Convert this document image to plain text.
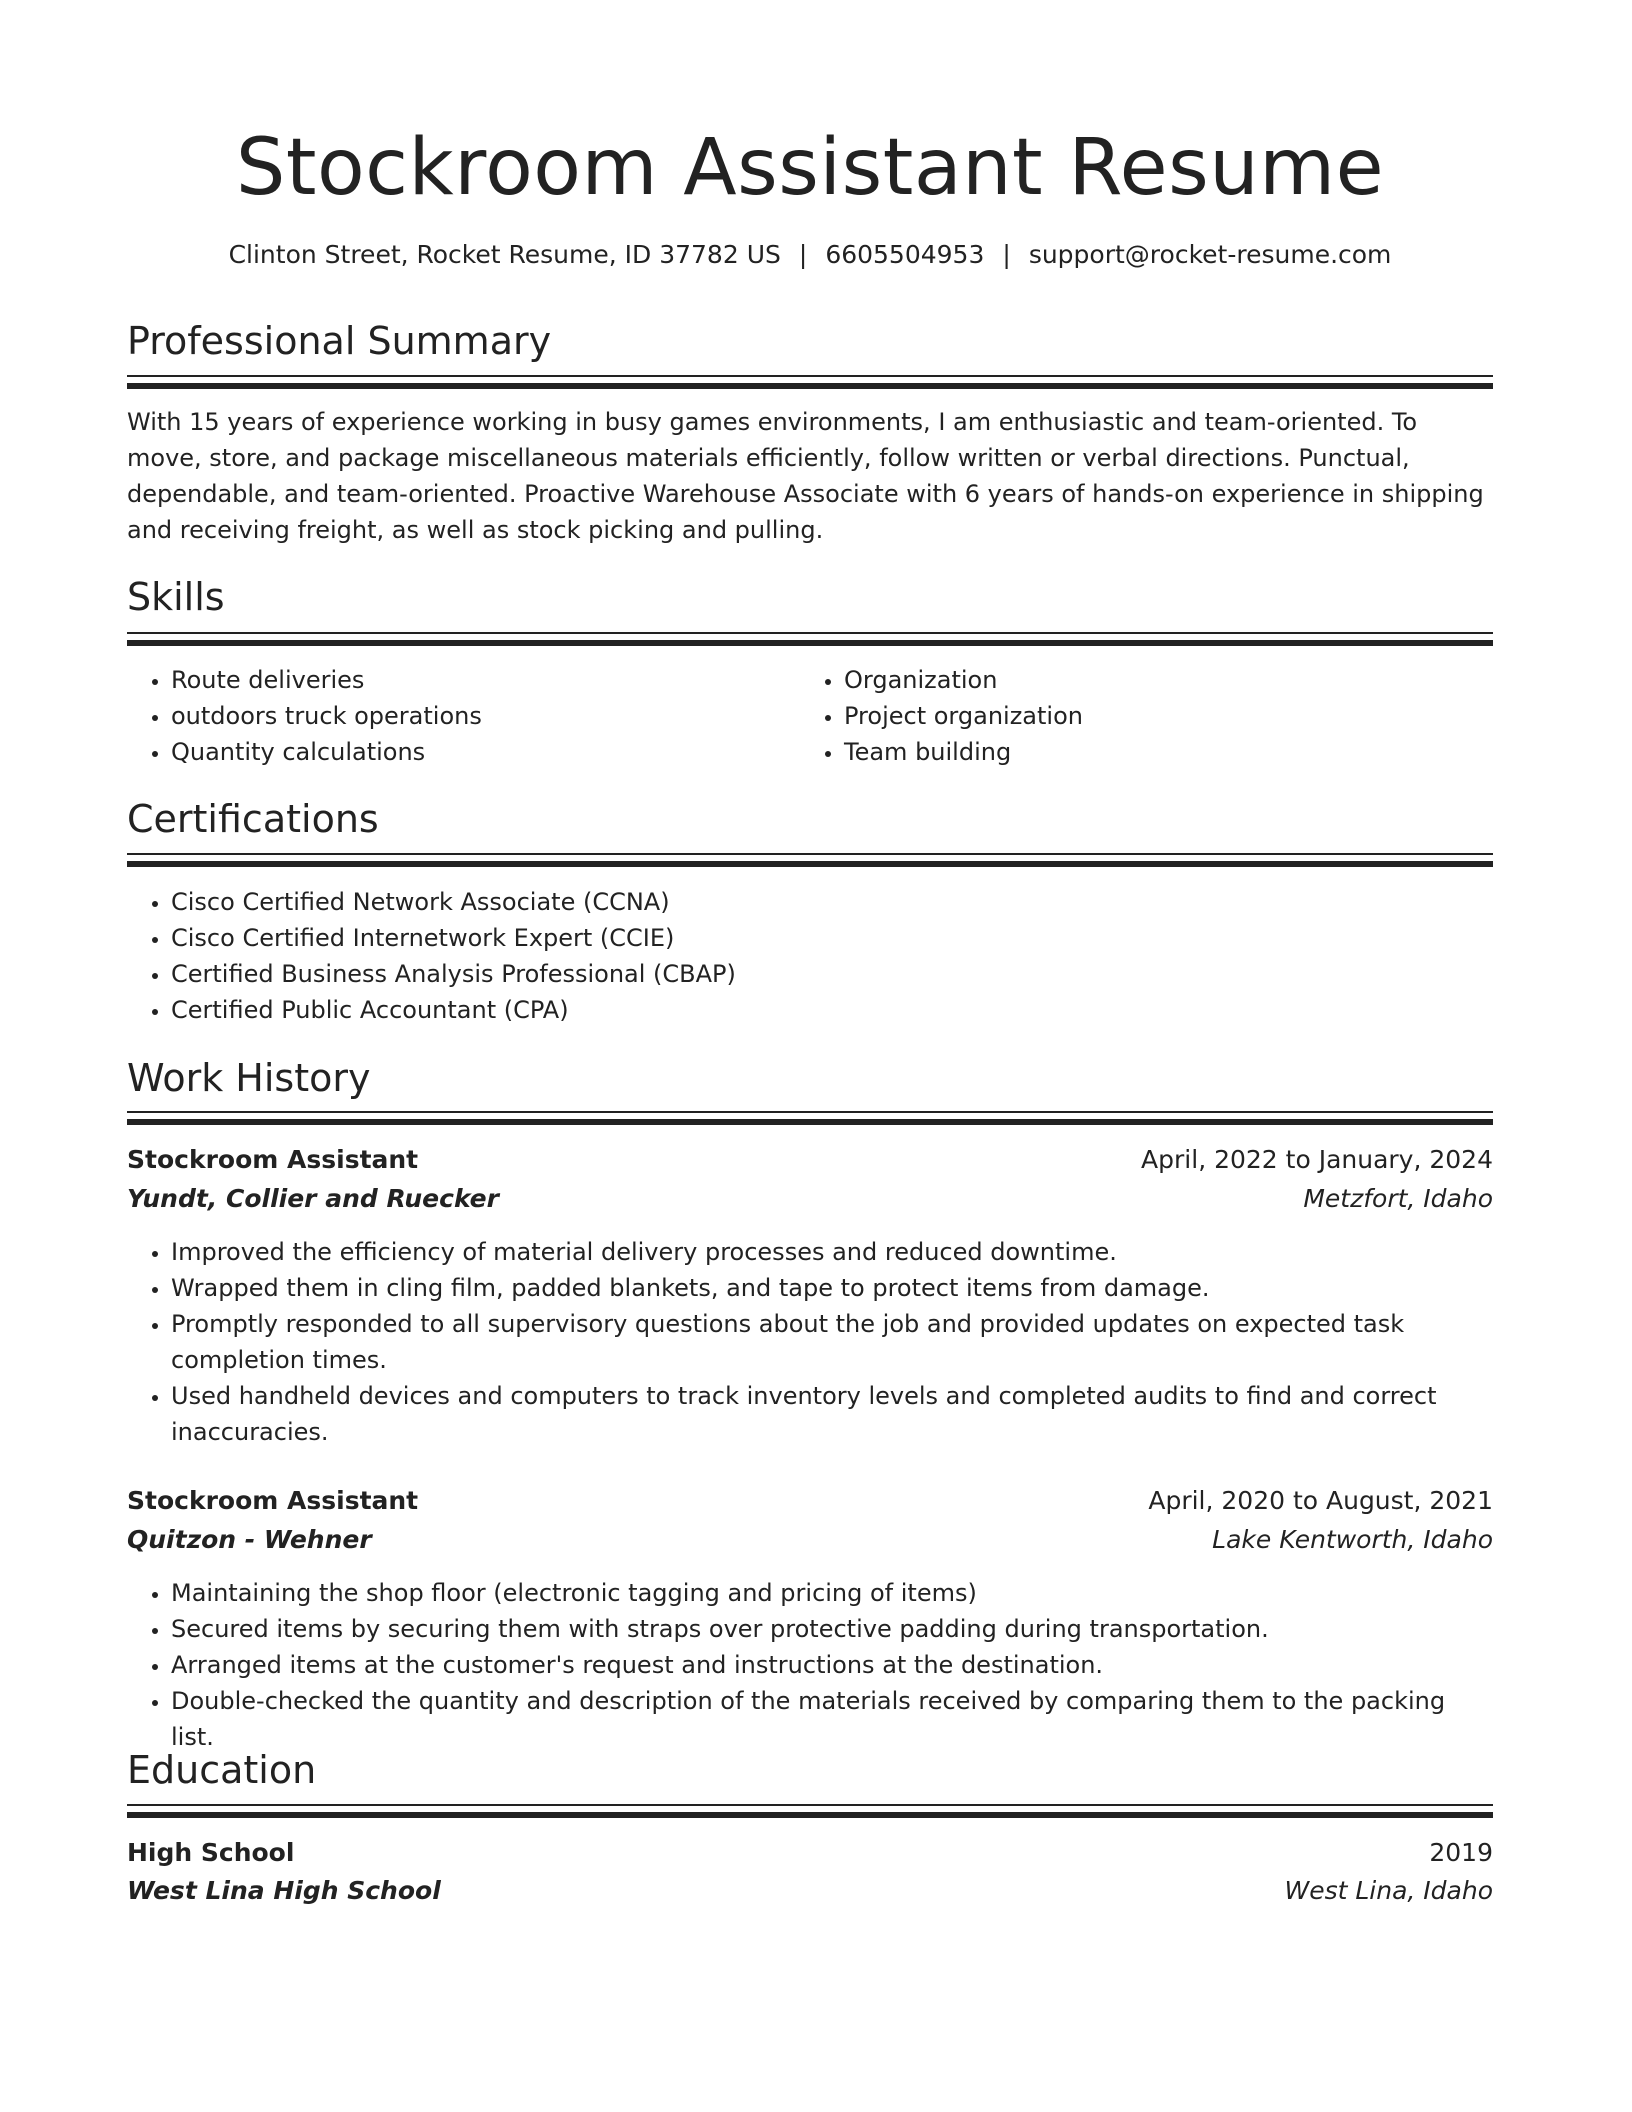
Stockroom Assistant Resume
Clinton Street, Rocket Resume, ID 37782 US | 6605504953 | support@rocket-resume.com
Professional Summary

With 15 years of experience working in busy games environments, I am enthusiastic and team-oriented. To move, store, and package miscellaneous materials efficiently, follow written or verbal directions. Punctual, dependable, and team-oriented. Proactive Warehouse Associate with 6 years of hands-on experience in shipping and receiving freight, as well as stock picking and pulling.

Skills
• Route deliveries
• outdoors truck operations
• Quantity calculations
• Organization
• Project organization
• Team building
Certifications
• Cisco Certified Network Associate (CCNA)
• Cisco Certified Internetwork Expert (CCIE)
• Certified Business Analysis Professional (CBAP)
• Certified Public Accountant (CPA)
Work History
Stockroom Assistant	April, 2022 to January, 2024
Yundt, Collier and Ruecker	Metzfort, Idaho
• Improved the efficiency of material delivery processes and reduced downtime.
• Wrapped them in cling film, padded blankets, and tape to protect items from damage.
• Promptly responded to all supervisory questions about the job and provided updates on expected task completion times.
• Used handheld devices and computers to track inventory levels and completed audits to find and correct inaccuracies.
Stockroom Assistant	April, 2020 to August, 2021
Quitzon - Wehner	Lake Kentworth, Idaho
• Maintaining the shop floor (electronic tagging and pricing of items)
• Secured items by securing them with straps over protective padding during transportation.
• Arranged items at the customer's request and instructions at the destination.
• Double-checked the quantity and description of the materials received by comparing them to the packing list.
Education
High School	2019
West Lina High School	West Lina, Idaho
